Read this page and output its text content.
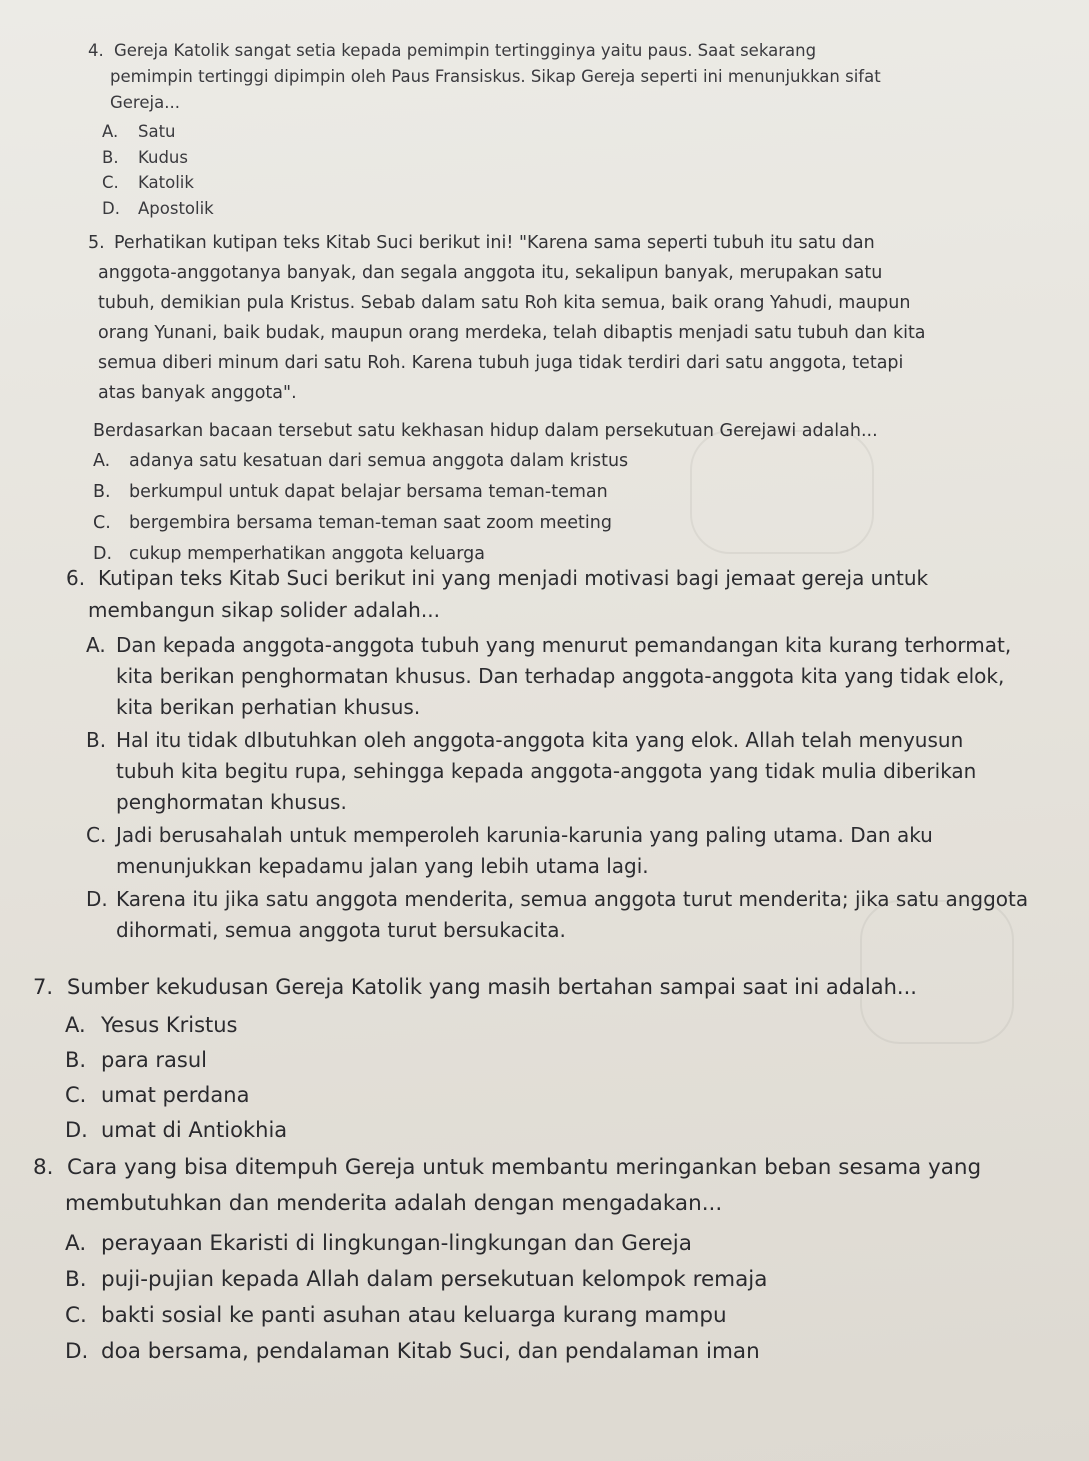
4. Gereja Katolik sangat setia kepada pemimpin tertingginya yaitu paus. Saat sekarang
pemimpin tertinggi dipimpin oleh Paus Fransiskus. Sikap Gereja seperti ini menunjukkan sifat
Gereja...
A. Satu
B. Kudus
C. Katolik
D. Apostolik
5. Perhatikan kutipan teks Kitab Suci berikut ini! "Karena sama seperti tubuh itu satu dan
anggota-anggotanya banyak, dan segala anggota itu, sekalipun banyak, merupakan satu
tubuh, demikian pula Kristus. Sebab dalam satu Roh kita semua, baik orang Yahudi, maupun
orang Yunani, baik budak, maupun orang merdeka, telah dibaptis menjadi satu tubuh dan kita
semua diberi minum dari satu Roh. Karena tubuh juga tidak terdiri dari satu anggota, tetapi
atas banyak anggota".
Berdasarkan bacaan tersebut satu kekhasan hidup dalam persekutuan Gerejawi adalah...
A. adanya satu kesatuan dari semua anggota dalam kristus
B. berkumpul untuk dapat belajar bersama teman-teman
C. bergembira bersama teman-teman saat zoom meeting
D. cukup memperhatikan anggota keluarga
6. Kutipan teks Kitab Suci berikut ini yang menjadi motivasi bagi jemaat gereja untuk
membangun sikap solider adalah...
A. Dan kepada anggota-anggota tubuh yang menurut pemandangan kita kurang terhormat,
kita berikan penghormatan khusus. Dan terhadap anggota-anggota kita yang tidak elok,
kita berikan perhatian khusus.
B. Hal itu tidak dIbutuhkan oleh anggota-anggota kita yang elok. Allah telah menyusun
tubuh kita begitu rupa, sehingga kepada anggota-anggota yang tidak mulia diberikan
penghormatan khusus.
C. Jadi berusahalah untuk memperoleh karunia-karunia yang paling utama. Dan aku
menunjukkan kepadamu jalan yang lebih utama lagi.
D. Karena itu jika satu anggota menderita, semua anggota turut menderita; jika satu anggota
dihormati, semua anggota turut bersukacita.
7. Sumber kekudusan Gereja Katolik yang masih bertahan sampai saat ini adalah...
A. Yesus Kristus
B. para rasul
C. umat perdana
D. umat di Antiokhia
8. Cara yang bisa ditempuh Gereja untuk membantu meringankan beban sesama yang
membutuhkan dan menderita adalah dengan mengadakan...
A. perayaan Ekaristi di lingkungan-lingkungan dan Gereja
B. puji-pujian kepada Allah dalam persekutuan kelompok remaja
C. bakti sosial ke panti asuhan atau keluarga kurang mampu
D. doa bersama, pendalaman Kitab Suci, dan pendalaman iman
